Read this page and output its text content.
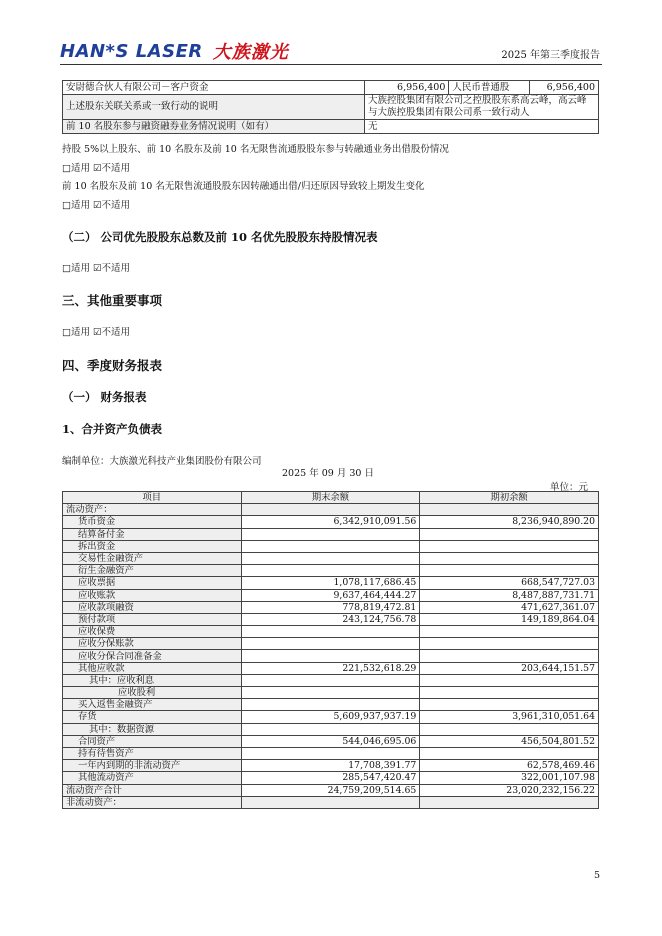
HAN*S LASER 大族激光	2025 年第三季度报告
安尉德合伙人有限公司－客户资金	6,956,400	人民币普通股	6,956,400
上述股东关联关系或一致行动的说明	大族控股集团有限公司之控股股东系高云峰，高云峰与大族控股集团有限公司系一致行动人		
前 10 名股东参与融资融券业务情况说明（如有）	无		
持股 5%以上股东、前 10 名股东及前 10 名无限售流通股股东参与转融通业务出借股份情况
□适用 ☑不适用
前 10 名股东及前 10 名无限售流通股股东因转融通出借/归还原因导致较上期发生变化
□适用 ☑不适用
（二） 公司优先股股东总数及前 10 名优先股股东持股情况表
□适用 ☑不适用
三、其他重要事项
□适用 ☑不适用
四、季度财务报表
（一） 财务报表
1、合并资产负债表
编制单位：大族激光科技产业集团股份有限公司
2025 年 09 月 30 日
单位：元
项目	期末余额	期初余额
流动资产：		
货币资金	6,342,910,091.56	8,236,940,890.20
结算备付金		
拆出资金		
交易性金融资产		
衍生金融资产		
应收票据	1,078,117,686.45	668,547,727.03
应收账款	9,637,464,444.27	8,487,887,731.71
应收款项融资	778,819,472.81	471,627,361.07
预付款项	243,124,756.78	149,189,864.04
应收保费		
应收分保账款		
应收分保合同准备金		
其他应收款	221,532,618.29	203,644,151.57
其中：应收利息		
应收股利		
买入返售金融资产		
存货	5,609,937,937.19	3,961,310,051.64
其中：数据资源		
合同资产	544,046,695.06	456,504,801.52
持有待售资产		
一年内到期的非流动资产	17,708,391.77	62,578,469.46
其他流动资产	285,547,420.47	322,001,107.98
流动资产合计	24,759,209,514.65	23,020,232,156.22
非流动资产：		
5
